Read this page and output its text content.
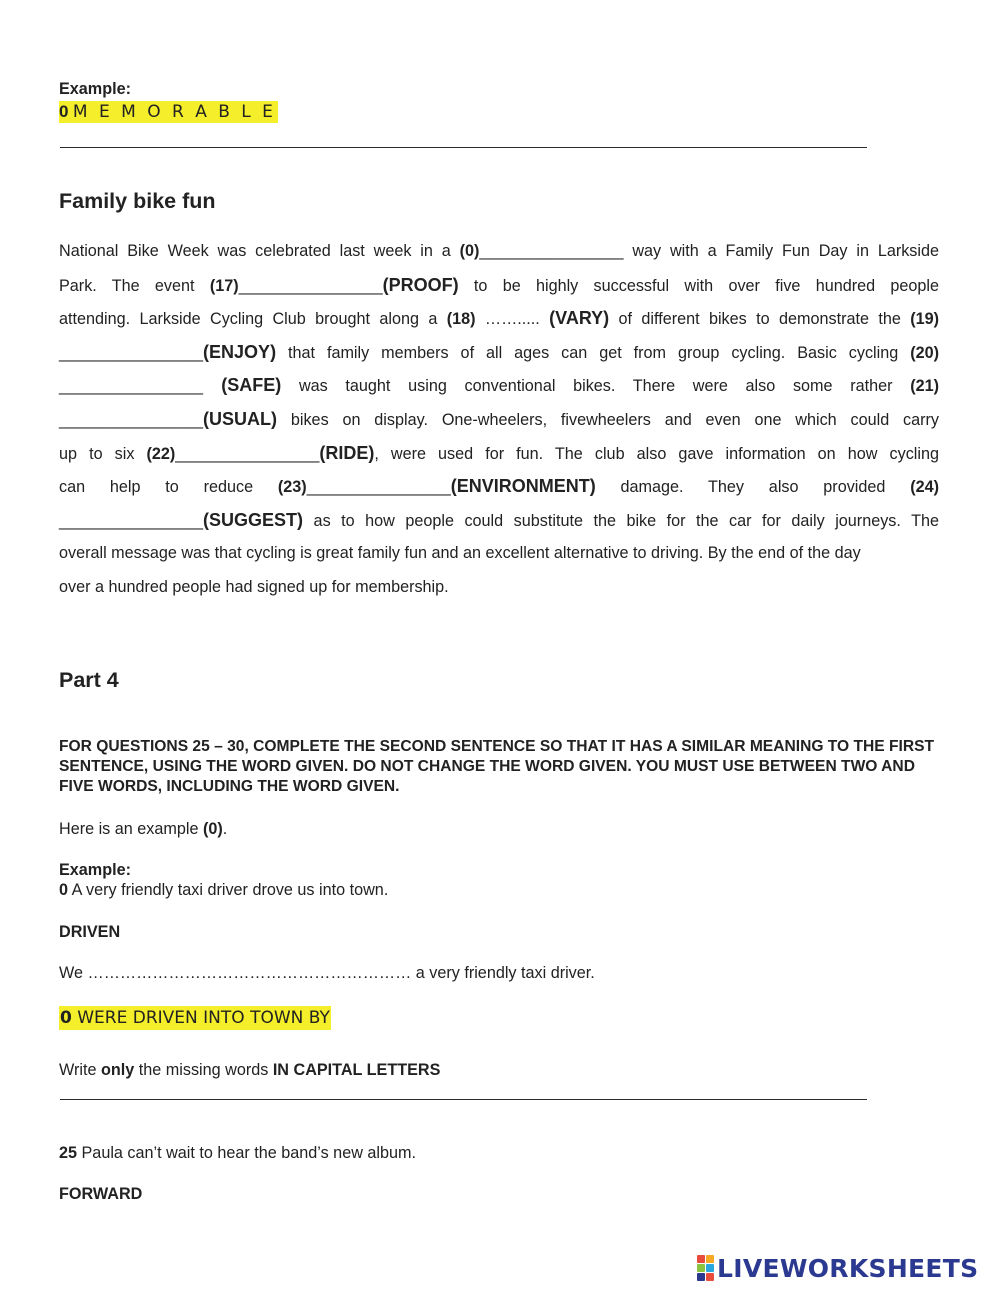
Example:
0 M E M O R A B L E
Family bike fun
National Bike Week was celebrated last week in a (0)________________ way with a Family Fun Day in Larkside
Park. The event (17)________________(PROOF) to be highly successful with over five hundred people
attending. Larkside Cycling Club brought along a (18) ……..... (VARY) of different bikes to demonstrate the (19)
________________(ENJOY) that family members of all ages can get from group cycling. Basic cycling (20)
________________ (SAFE) was taught using conventional bikes. There were also some rather (21)
________________(USUAL) bikes on display. One-wheelers, fivewheelers and even one which could carry
up to six (22)________________(RIDE), were used for fun. The club also gave information on how cycling
can help to reduce (23)________________(ENVIRONMENT) damage. They also provided (24)
________________(SUGGEST) as to how people could substitute the bike for the car for daily journeys. The
overall message was that cycling is great family fun and an excellent alternative to driving. By the end of the day
over a hundred people had signed up for membership.
Part 4
FOR QUESTIONS 25 – 30, COMPLETE THE SECOND SENTENCE SO THAT IT HAS A SIMILAR MEANING TO THE FIRST SENTENCE, USING THE WORD GIVEN. DO NOT CHANGE THE WORD GIVEN. YOU MUST USE BETWEEN TWO AND FIVE WORDS, INCLUDING THE WORD GIVEN.
Here is an example (0).
Example:
0 A very friendly taxi driver drove us into town.
DRIVEN
We …………………………………………………… a very friendly taxi driver.
0 WERE DRIVEN INTO TOWN BY
Write only the missing words IN CAPITAL LETTERS
25 Paula can’t wait to hear the band’s new album.
FORWARD
LIVEWORKSHEETS
